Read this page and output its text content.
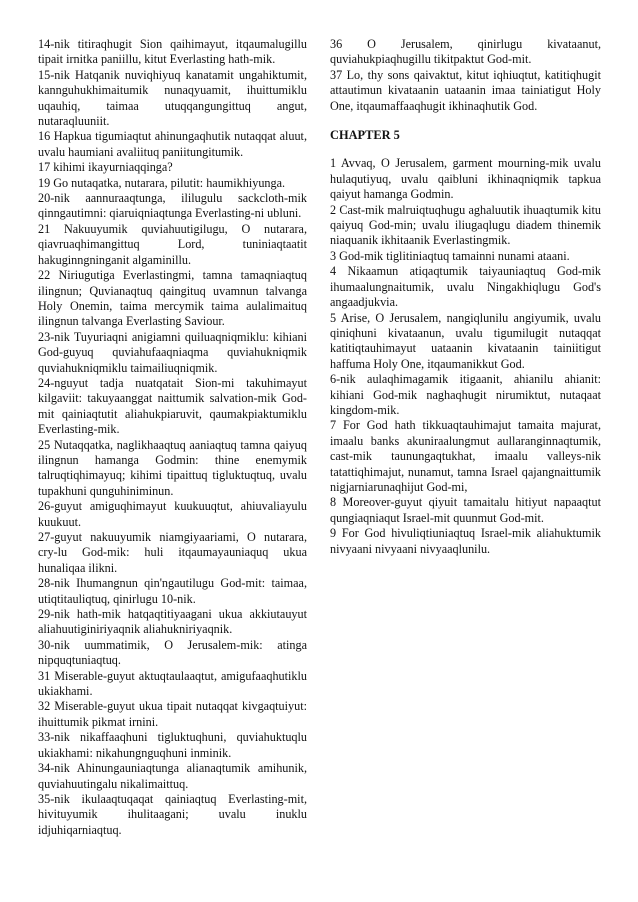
14-nik titiraqhugit Sion qaihimayut, itqaumalugillu tipait irnitka paniillu, kitut Everlasting hath-mik.

15-nik Hatqanik nuviqhiyuq kanatamit ungahiktumit, kannguhukhimaitumik nunaqyuamit, ihuittumiklu uqauhiq, taimaa utuqqangungittuq angut, nutaraqluuniit.

16 Hapkua tigumiaqtut ahinungaqhutik nutaqqat aluut, uvalu haumiani avaliituq paniitungitumik.

17 kihimi ikayurniaqqinga?

19 Go nutaqatka, nutarara, pilutit: haumikhiyunga.

20-nik aannuraaqtunga, ililugulu sackcloth-mik qinngautimni: qiaruiqniaqtunga Everlasting-ni ubluni.

21 Nakuuyumik quviahuutigilugu, O nutarara, qiavruaqhimangittuq Lord, tuniniaqtaatit hakuginngninganit algaminillu.

22 Niriugutiga Everlastingmi, tamna tamaqniaqtuq ilingnun; Quvianaqtuq qaingituq uvamnun talvanga Holy Onemin, taima mercymik taima aulalimaituq ilingnun talvanga Everlasting Saviour.

23-nik Tuyuriaqni anigiamni quiluaqniqmiklu: kihiani God-guyuq quviahufaaqniaqma quviahukniqmik quviahukniqmiklu taimailiuqniqmik.

24-nguyut tadja nuatqatait Sion-mi takuhimayut kilgaviit: takuyaanggat naittumik salvation-mik God-mit qainiaqtutit aliahukpiaruvit, qaumakpiaktumiklu Everlasting-mik.

25 Nutaqqatka, naglikhaaqtuq aaniaqtuq tamna qaiyuq ilingnun hamanga Godmin: thine enemymik talruqtiqhimayuq; kihimi tipaittuq tigluktuqtuq, uvalu tupakhuni qunguhiniminun.

26-guyut amiguqhimayut kuukuuqtut, ahiuvaliayulu kuukuut.

27-guyut nakuuyumik niamgiyaariami, O nutarara, cry-lu God-mik: huli itqaumayauniaquq ukua hunaliqaa ilikni.

28-nik Ihumangnun qin'ngautilugu God-mit: taimaa, utiqtitauliqtuq, qinirlugu 10-nik.

29-nik hath-mik hatqaqtitiyaagani ukua akkiutauyut aliahuutiginiriyaqnik aliahukniriyaqnik.

30-nik uummatimik, O Jerusalem-mik: atinga nipquqtuniaqtuq.

31 Miserable-guyut aktuqtaulaaqtut, amigufaaqhutiklu ukiakhami.

32 Miserable-guyut ukua tipait nutaqqat kivgaqtuiyut: ihuittumik pikmat irnini.

33-nik nikaffaaqhuni tigluktuqhuni, quviahuktuqlu ukiakhami: nikahungnguqhuni inminik.

34-nik Ahinungauniaqtunga alianaqtumik amihunik, quviahuutingalu nikalimaittuq.

35-nik ikulaaqtuqaqat qainiaqtuq Everlasting-mit, hivituyumik ihulitaagani; uvalu inuklu idjuhiqarniaqtuq.

36 O Jerusalem, qinirlugu kivataanut, quviahukpiaqhugillu tikitpaktut God-mit.

37 Lo, thy sons qaivaktut, kitut iqhiuqtut, katitiqhugit attautimun kivataanin uataanin imaa tainiatigut Holy One, itqaumaffaaqhugit ikhinaqhutik God.

CHAPTER 5

1 Avvaq, O Jerusalem, garment mourning-mik uvalu hulaqutiyuq, uvalu qaibluni ikhinaqniqmik tapkua qaiyut hamanga Godmin.

2 Cast-mik malruiqtuqhugu aghaluutik ihuaqtumik kitu qaiyuq God-min; uvalu iliugaqlugu diadem thinemik niaquanik ikhitaanik Everlastingmik.

3 God-mik tiglitiniaqtuq tamainni nunami ataani.

4 Nikaamun atiqaqtumik taiyauniaqtuq God-mik ihumaalungnaitumik, uvalu Ningakhiqlugu God's angaadjukvia.

5 Arise, O Jerusalem, nangiqlunilu angiyumik, uvalu qiniqhuni kivataanun, uvalu tigumilugit nutaqqat katitiqtauhimayut uataanin kivataanin tainiitigut haffuma Holy One, itqaumanikkut God.

6-nik aulaqhimagamik itigaanit, ahianilu ahianit: kihiani God-mik naghaqhugit nirumiktut, nutaqaat kingdom-mik.

7 For God hath tikkuaqtauhimajut tamaita majurat, imaalu banks akuniraalungmut aullaranginnaqtumik, cast-mik taunungaqtukhat, imaalu valleys-nik tatattiqhimajut, nunamut, tamna Israel qajangnaittumik nigjarniarunaqhijut God-mi,

8 Moreover-guyut qiyuit tamaitalu hitiyut napaaqtut qungiaqniaqut Israel-mit quunmut God-mit.

9 For God hivuliqtiuniaqtuq Israel-mik aliahuktumik nivyaani nivyaani nivyaaqlunilu.
